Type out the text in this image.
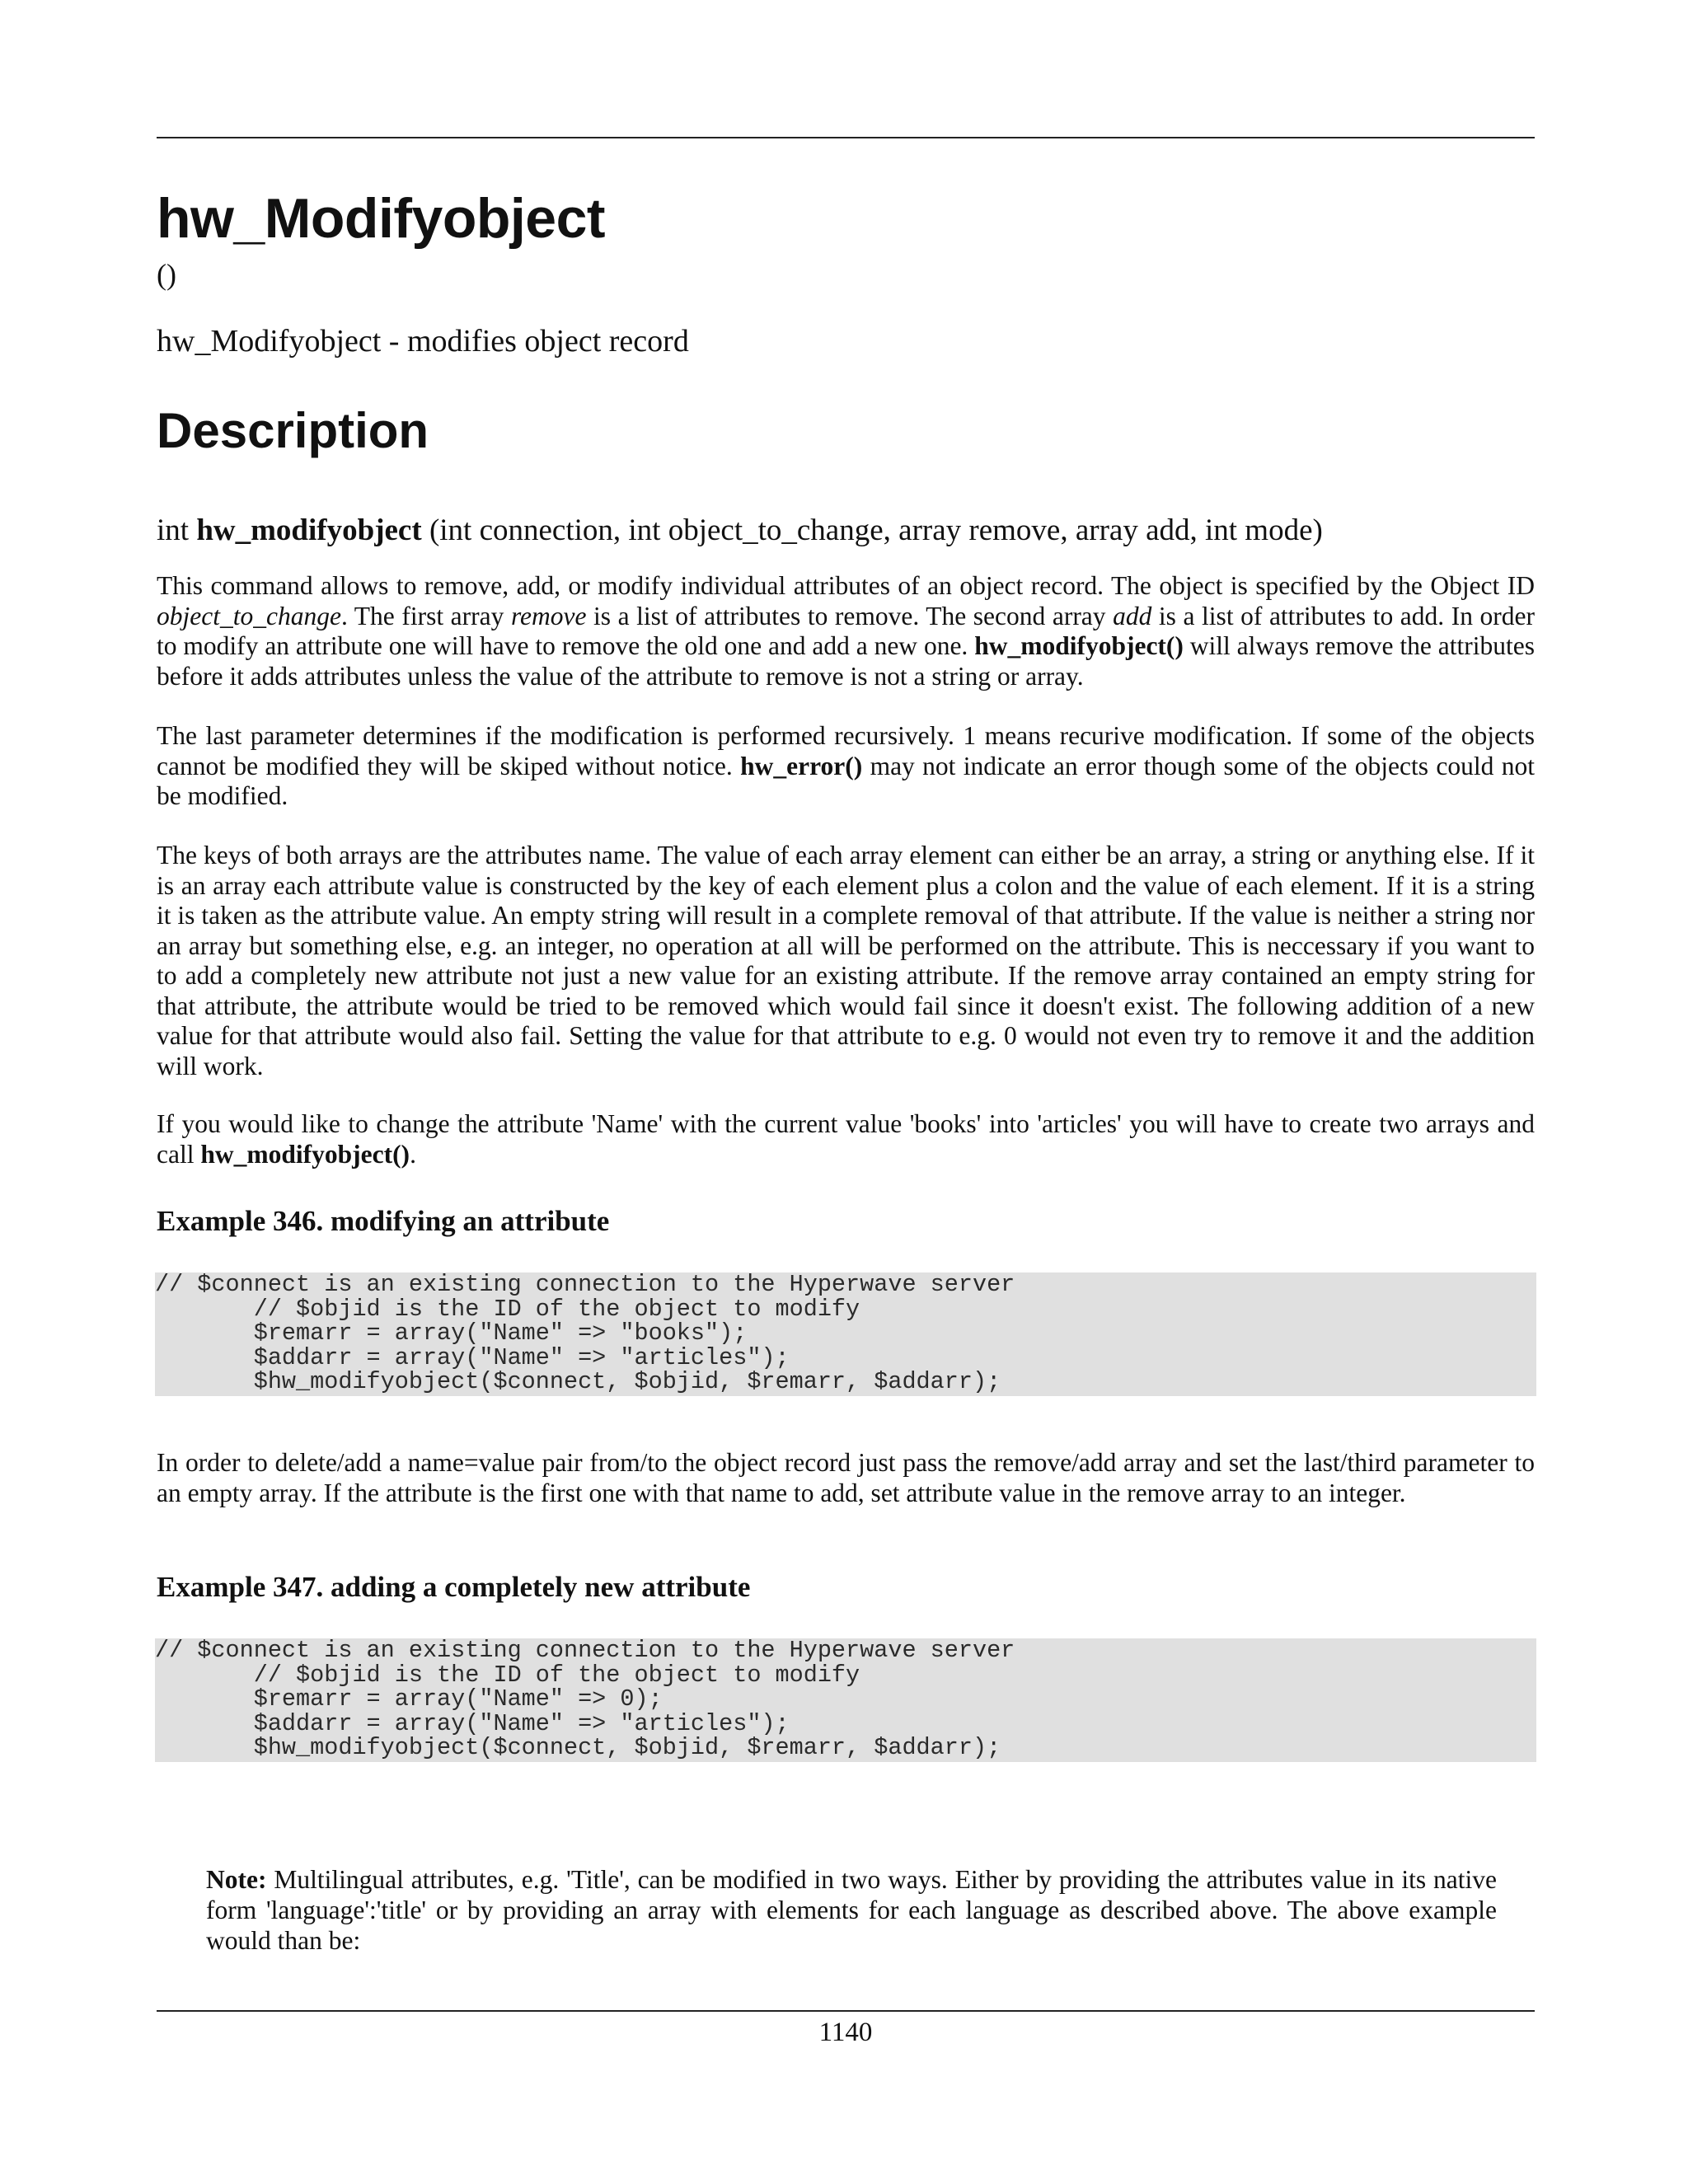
hw_Modifyobject
()
hw_Modifyobject - modifies object record
Description
int hw_modifyobject (int connection, int object_to_change, array remove, array add, int mode)

This command allows to remove, add, or modify individual attributes of an object record. The object is specified by the Object ID object_to_change. The first array remove is a list of attributes to remove. The second array add is a list of attributes to add. In order to modify an attribute one will have to remove the old one and add a new one. hw_modifyobject() will always remove the attributes before it adds attributes unless the value of the attribute to remove is not a string or array.

The last parameter determines if the modification is performed recursively. 1 means recurive modification. If some of the objects cannot be modified they will be skiped without notice. hw_error() may not indicate an error though some of the objects could not be modified.

The keys of both arrays are the attributes name. The value of each array element can either be an array, a string or anything else. If it is an array each attribute value is constructed by the key of each element plus a colon and the value of each element. If it is a string it is taken as the attribute value. An empty string will result in a complete removal of that attribute. If the value is neither a string nor an array but something else, e.g. an integer, no operation at all will be performed on the attribute. This is neccessary if you want to to add a completely new attribute not just a new value for an existing attribute. If the remove array contained an empty string for that attribute, the attribute would be tried to be removed which would fail since it doesn't exist. The following addition of a new value for that attribute would also fail. Setting the value for that attribute to e.g. 0 would not even try to remove it and the addition will work.

If you would like to change the attribute 'Name' with the current value 'books' into 'articles' you will have to create two arrays and call hw_modifyobject().

Example 346. modifying an attribute
// $connect is an existing connection to the Hyperwave server
// $objid is the ID of the object to modify
$remarr = array("Name" => "books");
$addarr = array("Name" => "articles");
$hw_modifyobject($connect, $objid, $remarr, $addarr);

In order to delete/add a name=value pair from/to the object record just pass the remove/add array and set the last/third parameter to an empty array. If the attribute is the first one with that name to add, set attribute value in the remove array to an integer.

Example 347. adding a completely new attribute
// $connect is an existing connection to the Hyperwave server
// $objid is the ID of the object to modify
$remarr = array("Name" => 0);
$addarr = array("Name" => "articles");
$hw_modifyobject($connect, $objid, $remarr, $addarr);

Note: Multilingual attributes, e.g. 'Title', can be modified in two ways. Either by providing the attributes value in its native form 'language':'title' or by providing an array with elements for each language as described above. The above example would than be:

1140
